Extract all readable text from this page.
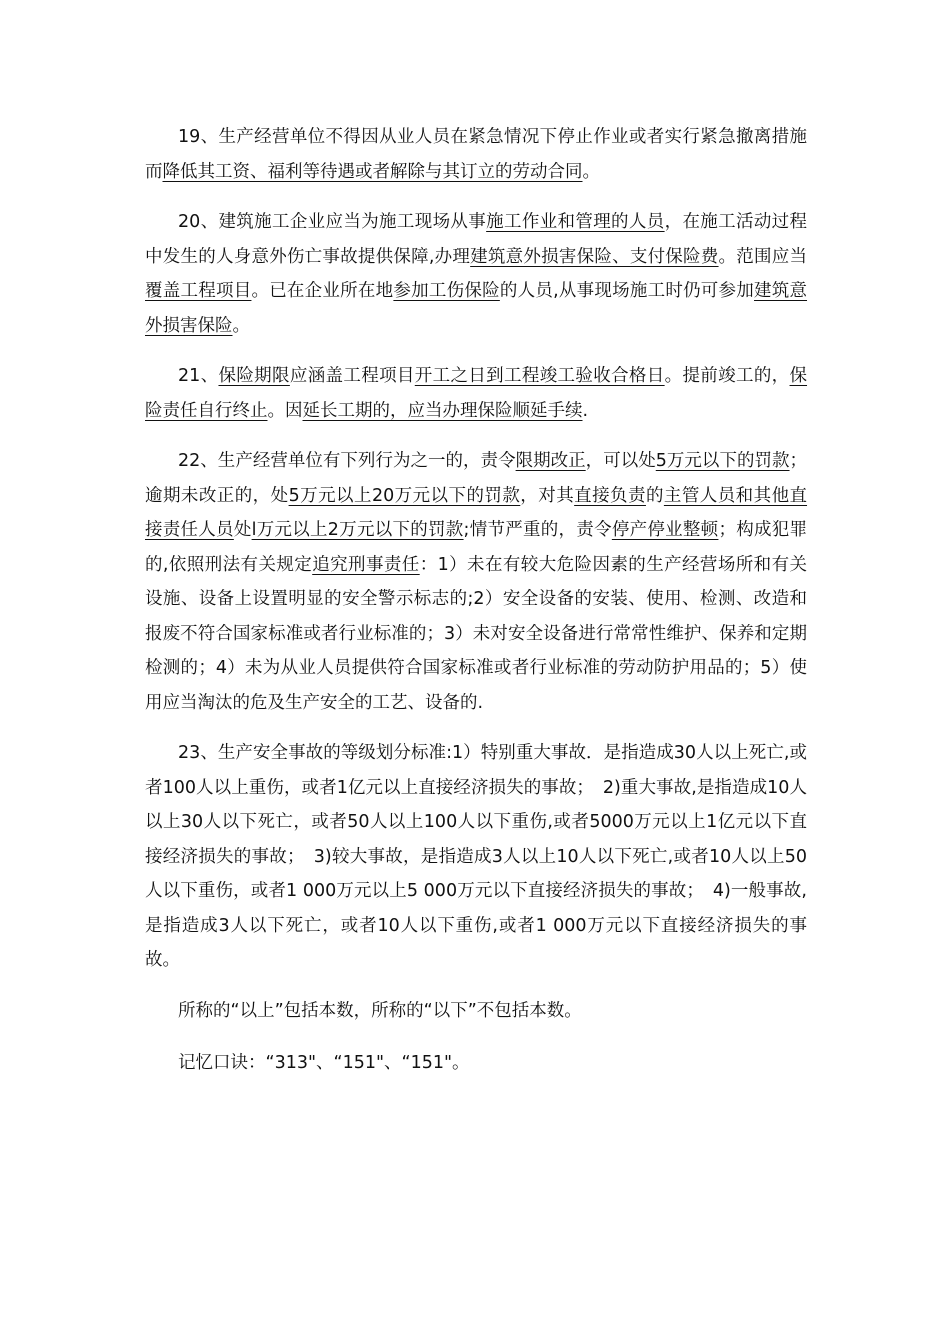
19、生产经营单位不得因从业人员在紧急情况下停止作业或者实行紧急撤离措施而降低其工资、福利等待遇或者解除与其订立的劳动合同。

20、建筑施工企业应当为施工现场从事施工作业和管理的人员，在施工活动过程中发生的人身意外伤亡事故提供保障,办理建筑意外损害保险、支付保险费。范围应当覆盖工程项目。已在企业所在地参加工伤保险的人员,从事现场施工时仍可参加建筑意外损害保险。

21、保险期限应涵盖工程项目开工之日到工程竣工验收合格日。提前竣工的，保险责任自行终止。因延长工期的，应当办理保险顺延手续.

22、生产经营单位有下列行为之一的，责令限期改正，可以处5万元以下的罚款；逾期未改正的，处5万元以上20万元以下的罚款，对其直接负责的主管人员和其他直接责任人员处l万元以上2万元以下的罚款;情节严重的，责令停产停业整顿；构成犯罪的,依照刑法有关规定追究刑事责任：1）未在有较大危险因素的生产经营场所和有关设施、设备上设置明显的安全警示标志的;2）安全设备的安装、使用、检测、改造和报废不符合国家标准或者行业标准的；3）未对安全设备进行常常性维护、保养和定期检测的；4）未为从业人员提供符合国家标准或者行业标准的劳动防护用品的；5）使用应当淘汰的危及生产安全的工艺、设备的.

23、生产安全事故的等级划分标准:1）特别重大事故．是指造成30人以上死亡,或者100人以上重伤，或者1亿元以上直接经济损失的事故；　2)重大事故,是指造成10人以上30人以下死亡，或者50人以上100人以下重伤,或者5000万元以上1亿元以下直接经济损失的事故；　3)较大事故，是指造成3人以上10人以下死亡,或者10人以上50人以下重伤，或者1 000万元以上5 000万元以下直接经济损失的事故；　4)一般事故,是指造成3人以下死亡，或者10人以下重伤,或者1 000万元以下直接经济损失的事故。

所称的“以上”包括本数，所称的“以下”不包括本数。

记忆口诀：“313"、“151"、“151"。
